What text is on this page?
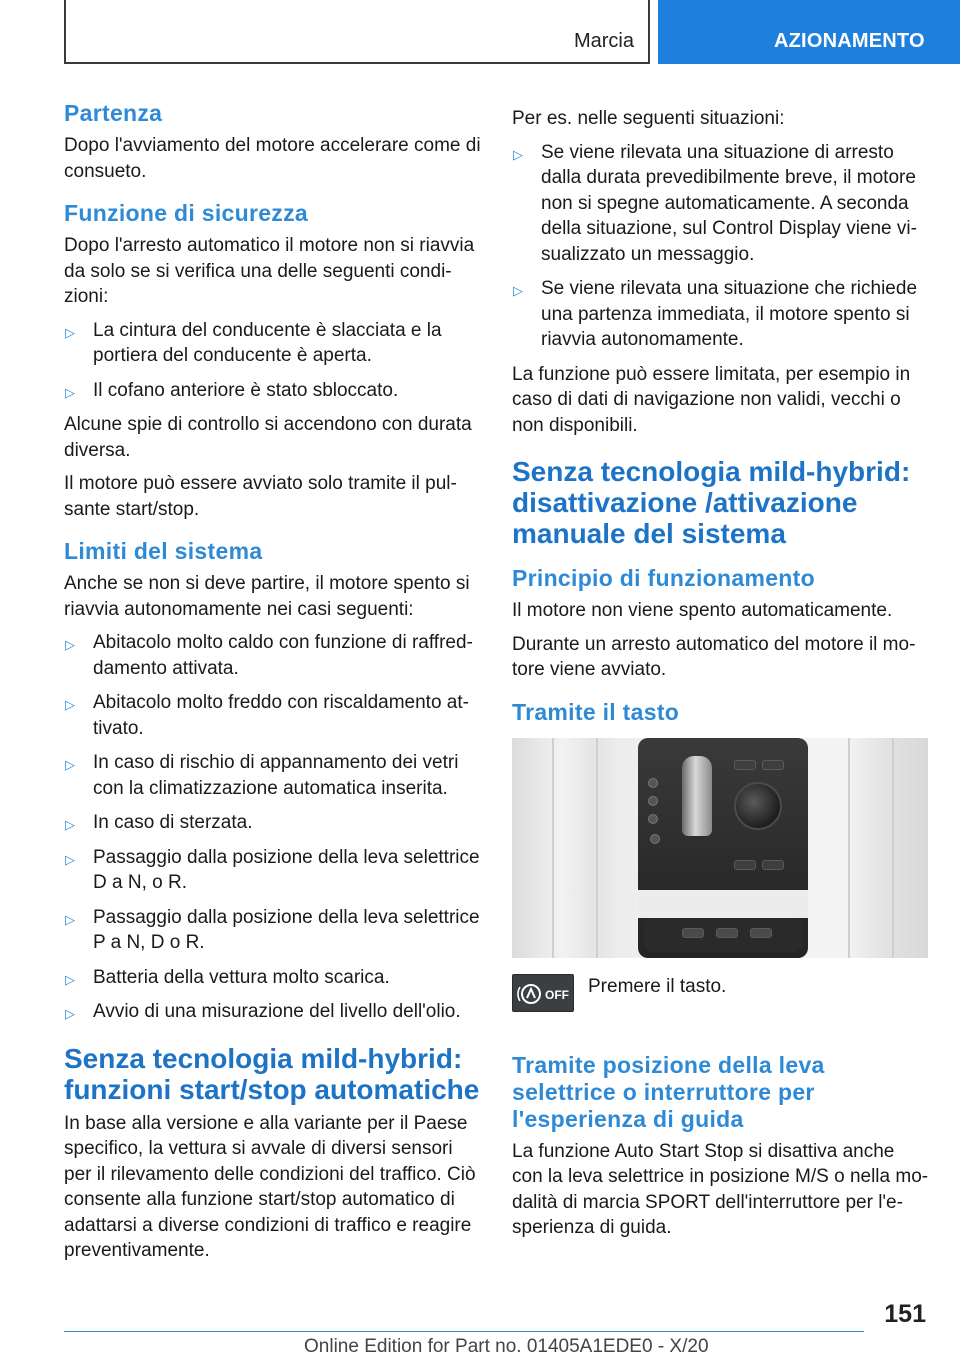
Marcia	AZIONAMENTO
Partenza

Dopo l'avviamento del motore accelerare come di consueto.

Funzione di sicurezza

Dopo l'arresto automatico il motore non si riavvia da solo se si verifica una delle seguenti condi-zioni:

▷ La cintura del conducente è slacciata e la portiera del conducente è aperta.
▷ Il cofano anteriore è stato sbloccato.

Alcune spie di controllo si accendono con durata diversa.

Il motore può essere avviato solo tramite il pul-sante start/stop.

Limiti del sistema

Anche se non si deve partire, il motore spento si riavvia autonomamente nei casi seguenti:

▷ Abitacolo molto caldo con funzione di raffred-damento attivata.
▷ Abitacolo molto freddo con riscaldamento at-tivato.
▷ In caso di rischio di appannamento dei vetri con la climatizzazione automatica inserita.
▷ In caso di sterzata.
▷ Passaggio dalla posizione della leva selettrice D a N, o R.
▷ Passaggio dalla posizione della leva selettrice P a N, D o R.
▷ Batteria della vettura molto scarica.
▷ Avvio di una misurazione del livello dell'olio.
Senza tecnologia mild-hybrid: funzioni start/stop automatiche

In base alla versione e alla variante per il Paese specifico, la vettura si avvale di diversi sensori per il rilevamento delle condizioni del traffico. Ciò consente alla funzione start/stop automatico di adattarsi a diverse condizioni di traffico e reagire preventivamente.

Per es. nelle seguenti situazioni:

▷ Se viene rilevata una situazione di arresto dalla durata prevedibilmente breve, il motore non si spegne automaticamente. A seconda della situazione, sul Control Display viene vi-sualizzato un messaggio.
▷ Se viene rilevata una situazione che richiede una partenza immediata, il motore spento si riavvia autonomamente.

La funzione può essere limitata, per esempio in caso di dati di navigazione non validi, vecchi o non disponibili.

Senza tecnologia mild-hybrid: disattivazione /attivazione manuale del sistema
Principio di funzionamento

Il motore non viene spento automaticamente.

Durante un arresto automatico del motore il mo-tore viene avviato.

Tramite il tasto
OFF Premere il tasto.
Tramite posizione della leva selettrice o interruttore per l'esperienza di guida

La funzione Auto Start Stop si disattiva anche con la leva selettrice in posizione M/S o nella mo-dalità di marcia SPORT dell'interruttore per l'e-sperienza di guida.

151
Online Edition for Part no. 01405A1EDE0 - X/20
